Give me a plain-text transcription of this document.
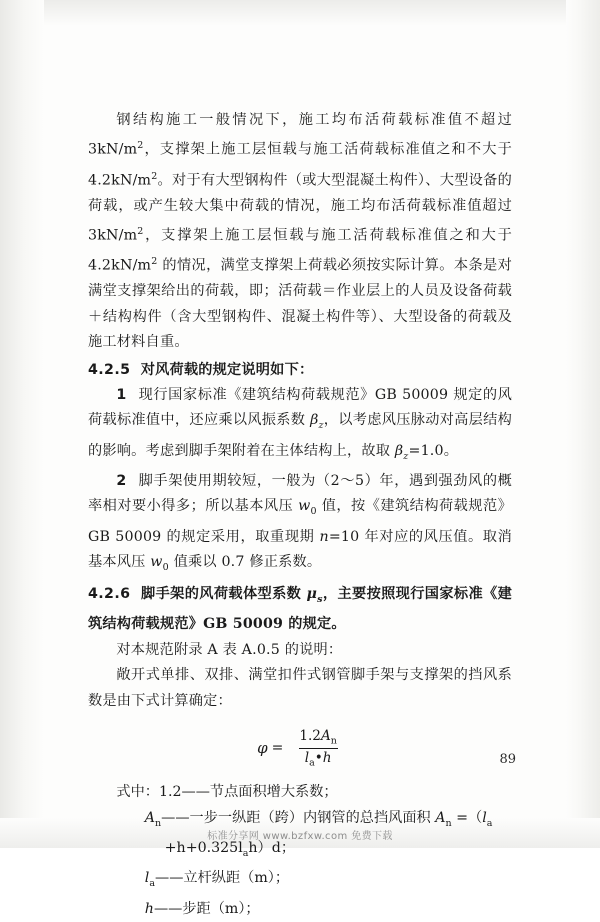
钢结构施工一般情况下，施工均布活荷载标准值不超过$3kN/m^2$，支撑架上施工层恒载与施工活荷载标准值之和不大于$4.2kN/m^2$。对于有大型钢构件（或大型混凝土构件）、大型设备的荷载，或产生较大集中荷载的情况，施工均布活荷载标准值超过 $3kN/m^2$，支撑架上施工层恒载与施工活荷载标准值之和大于 $4.2kN/m^2$ 的情况，满堂支撑架上荷载必须按实际计算。本条是对满堂支撑架给出的荷载，即；活荷载＝作业层上的人员及设备荷载＋结构构件（含大型钢构件、混凝土构件等）、大型设备的荷载及施工材料自重。

4.2.5 对风荷载的规定说明如下：

1 现行国家标准《建筑结构荷载规范》GB 50009 规定的风荷载标准值中，还应乘以风振系数 $\beta_z$，以考虑风压脉动对高层结构的影响。考虑到脚手架附着在主体结构上，故取 $\beta_z=1.0$。

2 脚手架使用期较短，一般为（2～5）年，遇到强劲风的概率相对要小得多；所以基本风压 $w_0$ 值，按《建筑结构荷载规范》GB 50009 的规定采用，取重现期 n=10 年对应的风压值。取消基本风压 $w_0$ 值乘以 0.7 修正系数。

4.2.6 脚手架的风荷载体型系数 $\mu_s$，主要按照现行国家标准《建筑结构荷载规范》GB 50009 的规定。

对本规范附录 A 表 A.0.5 的说明：

敞开式单排、双排、满堂扣件式钢管脚手架与支撑架的挡风系数是由下式计算确定：

$\varphi = \frac{1.2A_n}{l_a•h}$
式中：1.2——节点面积增大系数；
$A_n——$一步一纵距（跨）内钢管的总挡风面积 $A_n =(l_a$
$+h+0.325l_ah)d$；
$l_a——$立杆纵距（m）；
h——步距（m）；
89
标准分享网 www.bzfxw.com 免费下载
